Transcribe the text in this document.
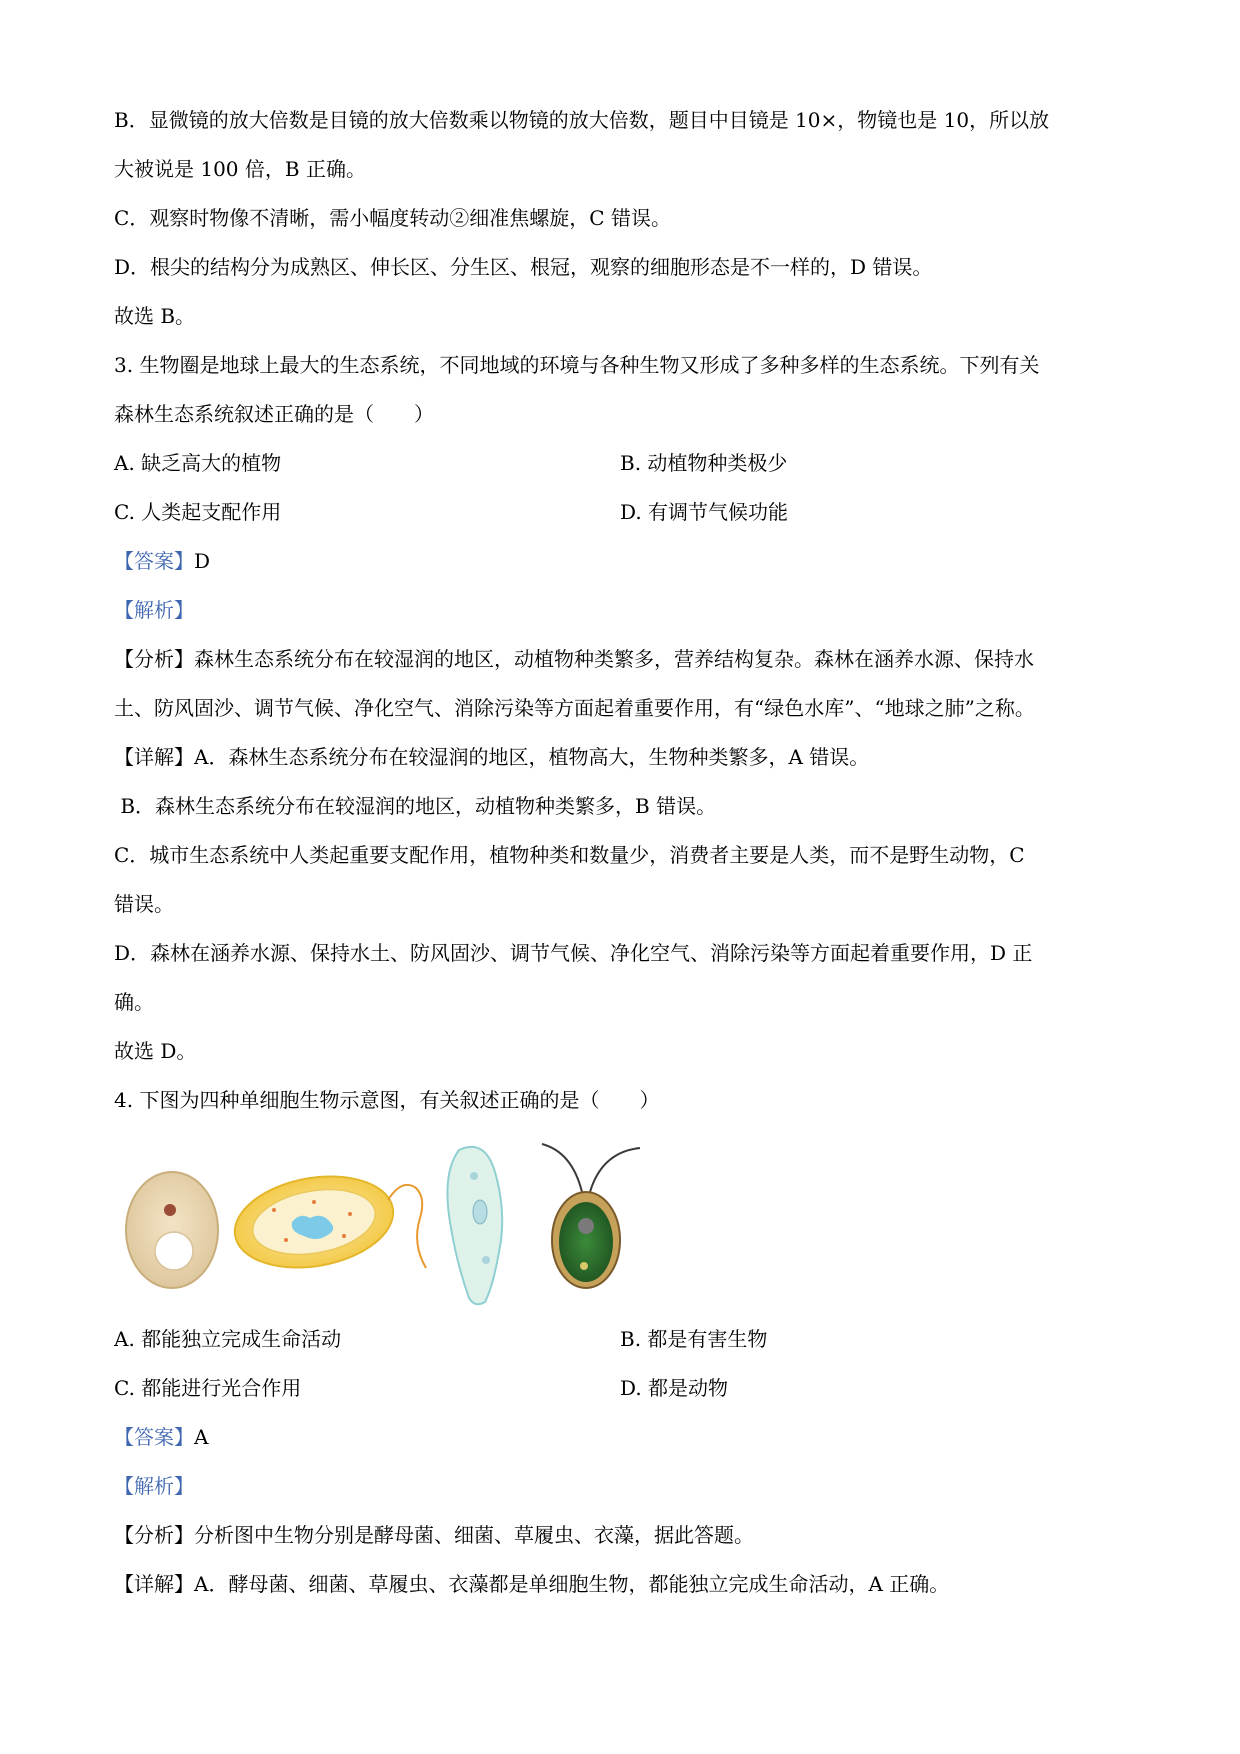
B．显微镜的放大倍数是目镜的放大倍数乘以物镜的放大倍数，题目中目镜是 10×，物镜也是 10，所以放
大被说是 100 倍，B 正确。
C．观察时物像不清晰，需小幅度转动②细准焦螺旋，C 错误。
D．根尖的结构分为成熟区、伸长区、分生区、根冠，观察的细胞形态是不一样的，D 错误。
故选 B。
3. 生物圈是地球上最大的生态系统，不同地域的环境与各种生物又形成了多种多样的生态系统。下列有关
森林生态系统叙述正确的是（　　）
A. 缺乏高大的植物	B. 动植物种类极少
C. 人类起支配作用	D. 有调节气候功能
【答案】D
【解析】
【分析】森林生态系统分布在较湿润的地区，动植物种类繁多，营养结构复杂。森林在涵养水源、保持水
土、防风固沙、调节气候、净化空气、消除污染等方面起着重要作用，有“绿色水库”、“地球之肺”之称。
【详解】A．森林生态系统分布在较湿润的地区，植物高大，生物种类繁多，A 错误。
B．森林生态系统分布在较湿润的地区，动植物种类繁多，B 错误。
C．城市生态系统中人类起重要支配作用，植物种类和数量少，消费者主要是人类，而不是野生动物，C
错误。
D．森林在涵养水源、保持水土、防风固沙、调节气候、净化空气、消除污染等方面起着重要作用，D 正
确。
故选 D。
4. 下图为四种单细胞生物示意图，有关叙述正确的是（　　）
A. 都能独立完成生命活动	B. 都是有害生物
C. 都能进行光合作用	D. 都是动物
【答案】A
【解析】
【分析】分析图中生物分别是酵母菌、细菌、草履虫、衣藻，据此答题。
【详解】A．酵母菌、细菌、草履虫、衣藻都是单细胞生物，都能独立完成生命活动，A 正确。
